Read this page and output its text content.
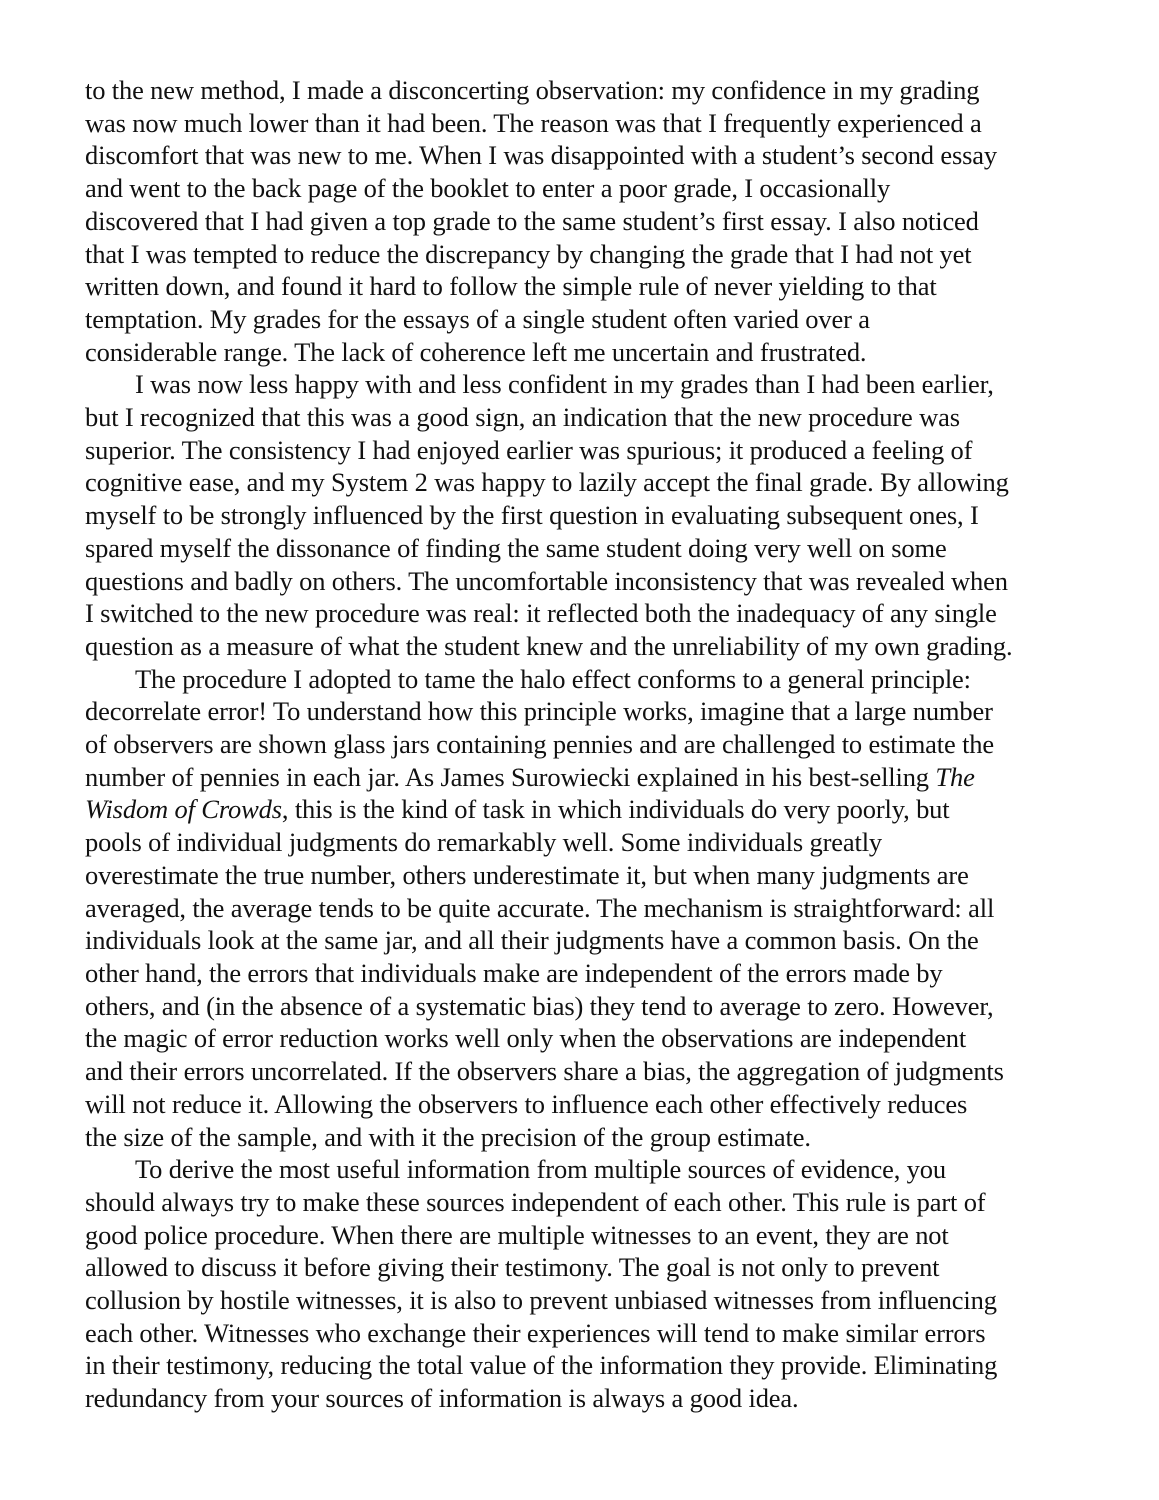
to the new method, I made a disconcerting observation: my confidence in my grading
was now much lower than it had been. The reason was that I frequently experienced a
discomfort that was new to me. When I was disappointed with a student’s second essay
and went to the back page of the booklet to enter a poor grade, I occasionally
discovered that I had given a top grade to the same student’s first essay. I also noticed
that I was tempted to reduce the discrepancy by changing the grade that I had not yet
written down, and found it hard to follow the simple rule of never yielding to that
temptation. My grades for the essays of a single student often varied over a
considerable range. The lack of coherence left me uncertain and frustrated.
I was now less happy with and less confident in my grades than I had been earlier,
but I recognized that this was a good sign, an indication that the new procedure was
superior. The consistency I had enjoyed earlier was spurious; it produced a feeling of
cognitive ease, and my System 2 was happy to lazily accept the final grade. By allowing
myself to be strongly influenced by the first question in evaluating subsequent ones, I
spared myself the dissonance of finding the same student doing very well on some
questions and badly on others. The uncomfortable inconsistency that was revealed when
I switched to the new procedure was real: it reflected both the inadequacy of any single
question as a measure of what the student knew and the unreliability of my own grading.
The procedure I adopted to tame the halo effect conforms to a general principle:
decorrelate error! To understand how this principle works, imagine that a large number
of observers are shown glass jars containing pennies and are challenged to estimate the
number of pennies in each jar. As James Surowiecki explained in his best-selling The
Wisdom of Crowds, this is the kind of task in which individuals do very poorly, but
pools of individual judgments do remarkably well. Some individuals greatly
overestimate the true number, others underestimate it, but when many judgments are
averaged, the average tends to be quite accurate. The mechanism is straightforward: all
individuals look at the same jar, and all their judgments have a common basis. On the
other hand, the errors that individuals make are independent of the errors made by
others, and (in the absence of a systematic bias) they tend to average to zero. However,
the magic of error reduction works well only when the observations are independent
and their errors uncorrelated. If the observers share a bias, the aggregation of judgments
will not reduce it. Allowing the observers to influence each other effectively reduces
the size of the sample, and with it the precision of the group estimate.
To derive the most useful information from multiple sources of evidence, you
should always try to make these sources independent of each other. This rule is part of
good police procedure. When there are multiple witnesses to an event, they are not
allowed to discuss it before giving their testimony. The goal is not only to prevent
collusion by hostile witnesses, it is also to prevent unbiased witnesses from influencing
each other. Witnesses who exchange their experiences will tend to make similar errors
in their testimony, reducing the total value of the information they provide. Eliminating
redundancy from your sources of information is always a good idea.
